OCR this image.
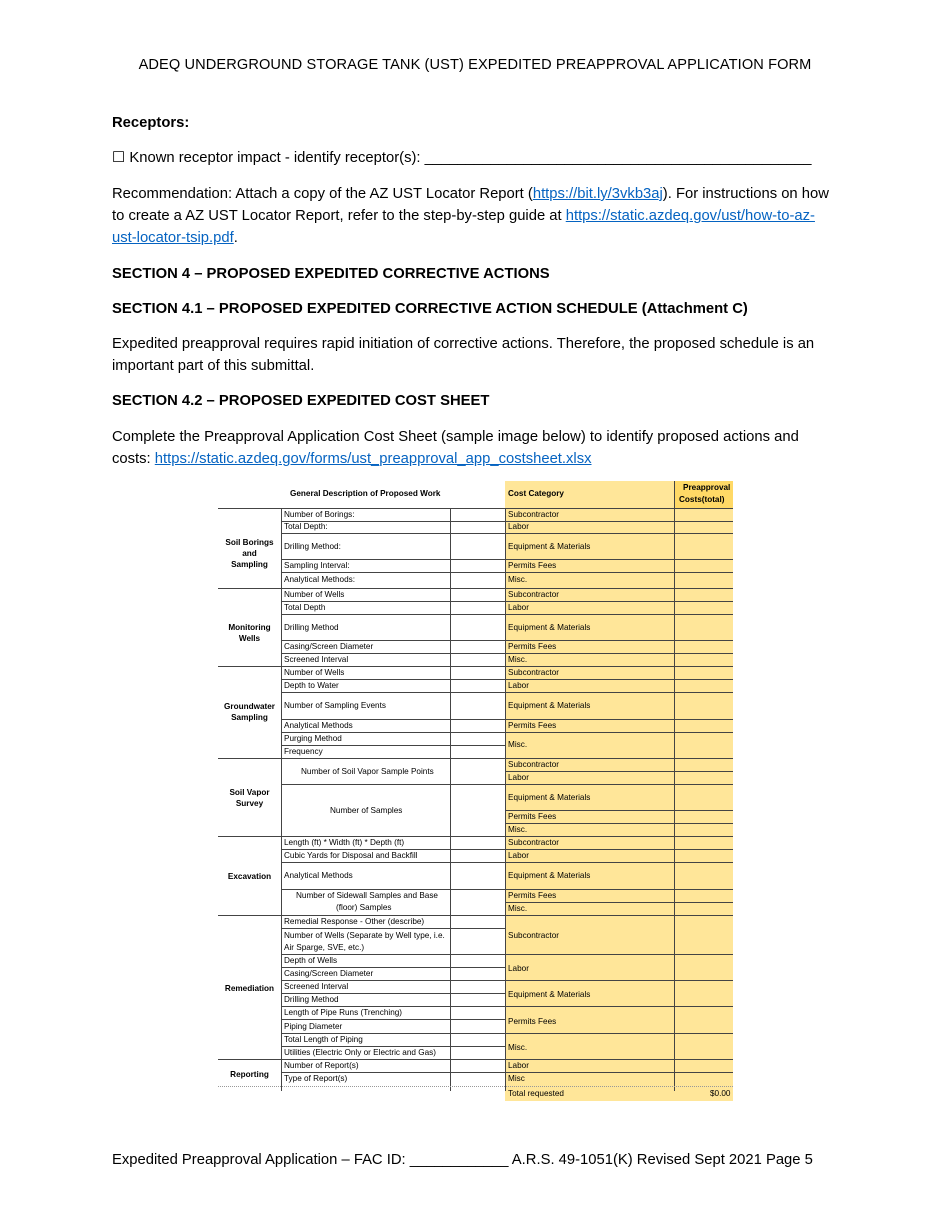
ADEQ UNDERGROUND STORAGE TANK (UST) EXPEDITED PREAPPROVAL APPLICATION FORM
Receptors:
☐ Known receptor impact - identify receptor(s): _______________________________________________
Recommendation: Attach a copy of the AZ UST Locator Report (https://bit.ly/3vkb3aj). For instructions on how to create a AZ UST Locator Report, refer to the step-by-step guide at https://static.azdeq.gov/ust/how-to-az-ust-locator-tsip.pdf.
SECTION 4 – PROPOSED EXPEDITED CORRECTIVE ACTIONS
SECTION 4.1 – PROPOSED EXPEDITED CORRECTIVE ACTION SCHEDULE (Attachment C)
Expedited preapproval requires rapid initiation of corrective actions. Therefore, the proposed schedule is an important part of this submittal.
SECTION 4.2 – PROPOSED EXPEDITED COST SHEET
Complete the Preapproval Application Cost Sheet (sample image below) to identify proposed actions and costs: https://static.azdeq.gov/forms/ust_preapproval_app_costsheet.xlsx
General Description of Proposed Work	Cost Category
Preapproval
Costs(total)
Soil Borings and
Sampling
Monitoring Wells
Groundwater
Sampling
Soil Vapor
Survey
Excavation
Remediation
Reporting
Number of Borings:
Total Depth:
Drilling Method:
Sampling Interval:
Analytical Methods:
Number of Wells
Total Depth
Drilling Method
Casing/Screen Diameter
Screened Interval
Number of Wells
Depth to Water
Number of Sampling Events
Analytical Methods
Purging Method
Frequency
Number of Soil Vapor Sample Points
Number of Samples
Length (ft) * Width (ft) * Depth (ft)
Cubic Yards for Disposal and Backfill
Analytical Methods
Number of Sidewall Samples and Base
(floor) Samples
Remedial Response - Other (describe)
Number of Wells (Separate by Well type, i.e.
Air Sparge, SVE, etc.)
Depth of Wells
Casing/Screen Diameter
Screened Interval
Drilling Method
Length of Pipe Runs (Trenching)
Piping Diameter
Total Length of Piping
Utilities (Electric Only or Electric and Gas)
Number of Report(s)
Type of Report(s)
Subcontractor
Labor
Equipment & Materials
Permits Fees
Misc.
Subcontractor
Labor
Equipment & Materials
Permits Fees
Misc.
Subcontractor
Labor
Equipment & Materials
Permits Fees
Misc.
Subcontractor
Labor
Equipment & Materials
Permits Fees
Misc.
Subcontractor
Labor
Equipment & Materials
Permits Fees
Misc.
Subcontractor
Labor
Equipment & Materials
Permits Fees
Misc.
Labor
Misc
Total requested	$0.00
Expedited Preapproval Application – FAC ID: ____________ A.R.S. 49-1051(K) Revised Sept 2021 Page 5
